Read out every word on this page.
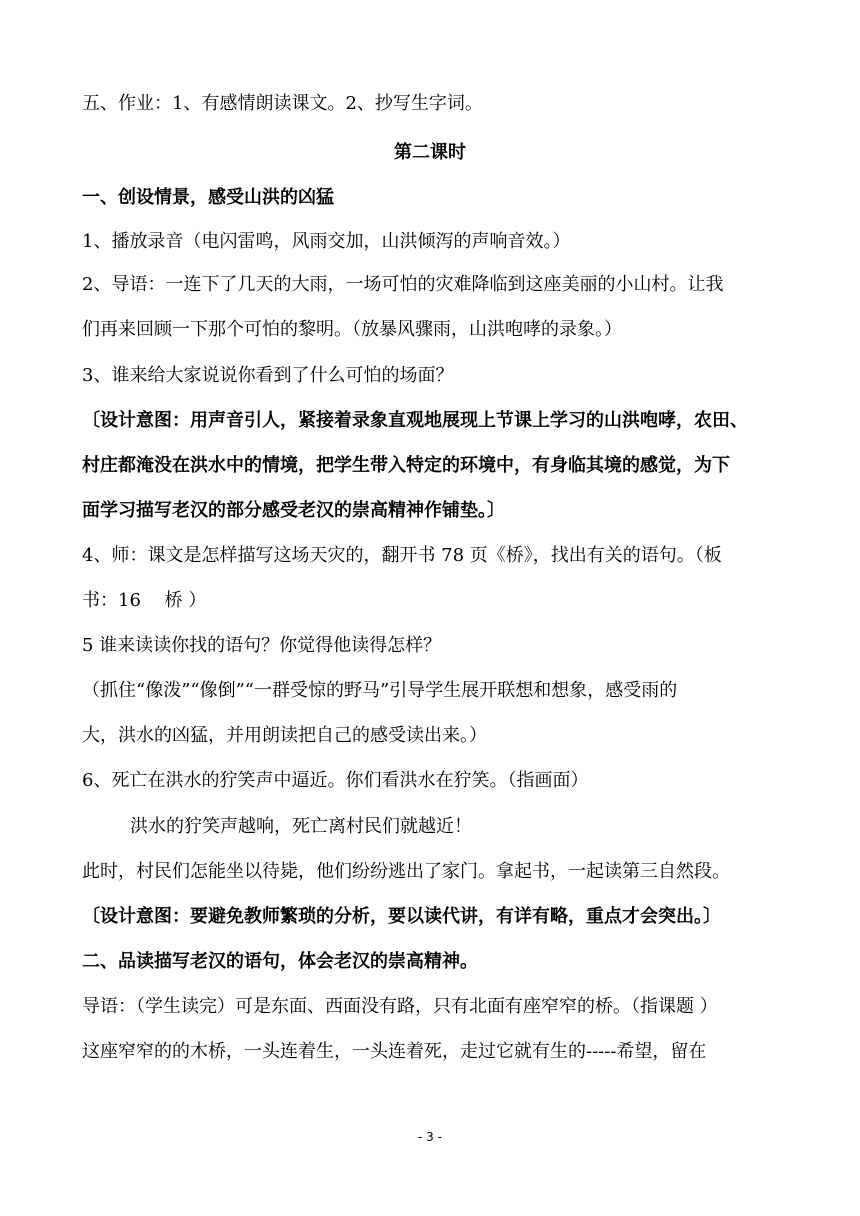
五、作业：1、有感情朗读课文。2、抄写生字词。
第二课时
一、创设情景，感受山洪的凶猛
1、播放录音（电闪雷鸣，风雨交加，山洪倾泻的声响音效。）
2、导语：一连下了几天的大雨，一场可怕的灾难降临到这座美丽的小山村。让我
们再来回顾一下那个可怕的黎明。（放暴风骤雨，山洪咆哮的录象。）
3、谁来给大家说说你看到了什么可怕的场面？
〔设计意图：用声音引人，紧接着录象直观地展现上节课上学习的山洪咆哮，农田、
村庄都淹没在洪水中的情境，把学生带入特定的环境中，有身临其境的感觉，为下
面学习描写老汉的部分感受老汉的崇高精神作铺垫。〕
4、师：课文是怎样描写这场天灾的，翻开书 78 页《桥》，找出有关的语句。（板
书：16　 桥 ）
5 谁来读读你找的语句？你觉得他读得怎样？
（抓住“像泼”“像倒”“一群受惊的野马”引导学生展开联想和想象，感受雨的
大，洪水的凶猛，并用朗读把自己的感受读出来。）
6、死亡在洪水的狞笑声中逼近。你们看洪水在狞笑。（指画面）
洪水的狞笑声越响，死亡离村民们就越近！
此时，村民们怎能坐以待毙，他们纷纷逃出了家门。拿起书，一起读第三自然段。
〔设计意图：要避免教师繁琐的分析，要以读代讲，有详有略，重点才会突出。〕
二、品读描写老汉的语句，体会老汉的崇高精神。
导语：（学生读完）可是东面、西面没有路，只有北面有座窄窄的桥。（指课题 ）
这座窄窄的的木桥，一头连着生，一头连着死，走过它就有生的-----希望，留在
- 3 -
